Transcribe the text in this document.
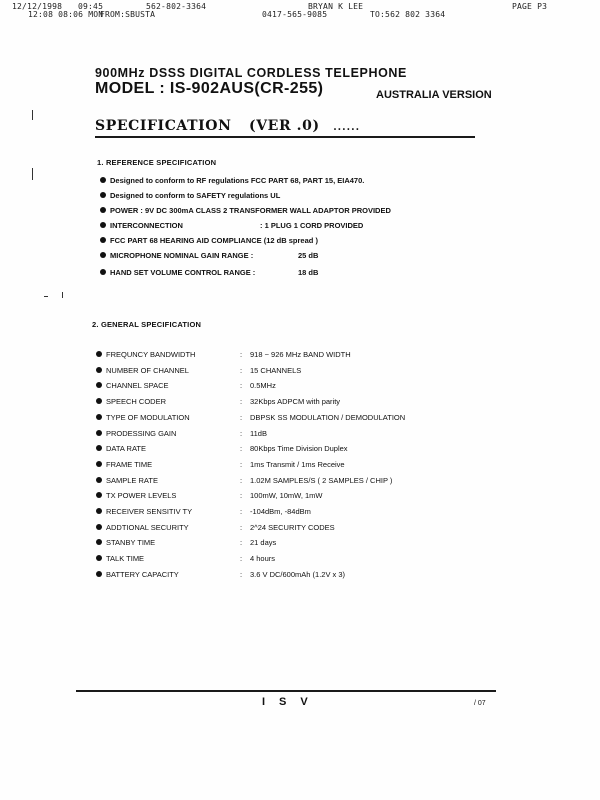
12/12/1998 09:45	562-802-3364	BRYAN K LEE	PAGE P3
12:08 08:06 MON
FROM:SBUSTA	0417-565-9085	TO:562 802 3364
900MHz DSSS DIGITAL CORDLESS TELEPHONE
MODEL : IS-902AUS(CR-255)	AUSTRALIA VERSION
SPECIFICATION (VER .0) ......
1. REFERENCE SPECIFICATION
Designed to conform to RF regulations FCC PART 68, PART 15, EIA470.
Designed to conform to SAFETY regulations UL
POWER : 9V DC 300mA CLASS 2 TRANSFORMER WALL ADAPTOR PROVIDED
INTERCONNECTION	: 1 PLUG 1 CORD PROVIDED
FCC PART 68 HEARING AID COMPLIANCE (12 dB spread )
MICROPHONE NOMINAL GAIN RANGE :	25 dB
HAND SET VOLUME CONTROL RANGE :	18 dB
2. GENERAL SPECIFICATION
FREQUNCY BANDWIDTH	: 918 ~ 926 MHz BAND WIDTH
NUMBER OF CHANNEL	: 15 CHANNELS
CHANNEL SPACE	: 0.5MHz
SPEECH CODER	: 32Kbps ADPCM with parity
TYPE OF MODULATION	: DBPSK SS MODULATION / DEMODULATION
PRODESSING GAIN	: 11dB
DATA RATE	: 80Kbps Time Division Duplex
FRAME TIME	: 1ms Transmit / 1ms Receive
SAMPLE RATE	: 1.02M SAMPLES/S ( 2 SAMPLES / CHIP )
TX POWER LEVELS	: 100mW, 10mW, 1mW
RECEIVER SENSITIV TY	: -104dBm, -84dBm
ADDTIONAL SECURITY	: 2^24 SECURITY CODES
STANBY TIME	: 21 days
TALK TIME	: 4 hours
BATTERY CAPACITY	: 3.6 V DC/600mAh (1.2V x 3)
ISV	/ 07
